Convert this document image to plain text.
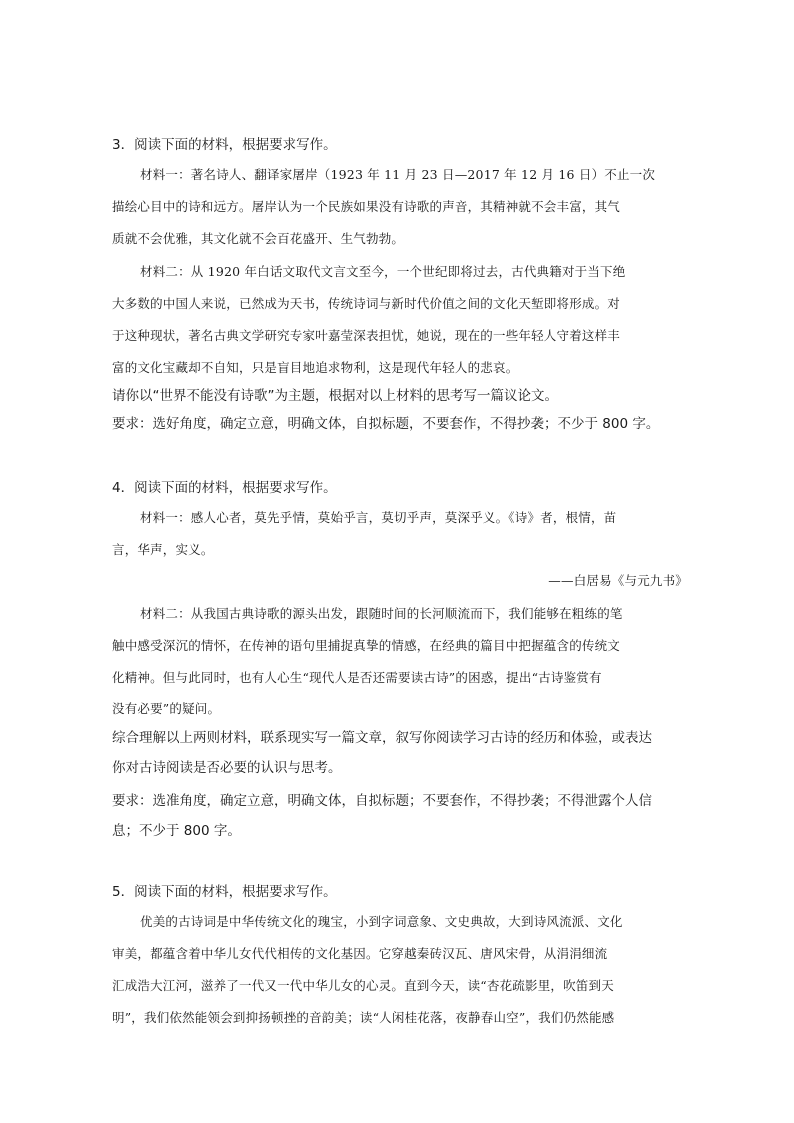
3．阅读下面的材料，根据要求写作。
材料一：著名诗人、翻译家屠岸（1923 年 11 月 23 日—2017 年 12 月 16 日）不止一次
描绘心目中的诗和远方。屠岸认为一个民族如果没有诗歌的声音，其精神就不会丰富，其气
质就不会优雅，其文化就不会百花盛开、生气勃勃。
材料二：从 1920 年白话文取代文言文至今，一个世纪即将过去，古代典籍对于当下绝
大多数的中国人来说，已然成为天书，传统诗词与新时代价值之间的文化天堑即将形成。对
于这种现状，著名古典文学研究专家叶嘉莹深表担忧，她说，现在的一些年轻人守着这样丰
富的文化宝藏却不自知，只是盲目地追求物利，这是现代年轻人的悲哀。
请你以“世界不能没有诗歌”为主题，根据对以上材料的思考写一篇议论文。
要求：选好角度，确定立意，明确文体，自拟标题，不要套作，不得抄袭；不少于 800 字。
4．阅读下面的材料，根据要求写作。
材料一：感人心者，莫先乎情，莫始乎言，莫切乎声，莫深乎义。《诗》者，根情，苗
言，华声，实义。
——白居易《与元九书》
材料二：从我国古典诗歌的源头出发，跟随时间的长河顺流而下，我们能够在粗练的笔
触中感受深沉的情怀，在传神的语句里捕捉真挚的情感，在经典的篇目中把握蕴含的传统文
化精神。但与此同时，也有人心生“现代人是否还需要读古诗”的困惑，提出“古诗鉴赏有
没有必要”的疑问。
综合理解以上两则材料，联系现实写一篇文章，叙写你阅读学习古诗的经历和体验，或表达
你对古诗阅读是否必要的认识与思考。
要求：选准角度，确定立意，明确文体，自拟标题；不要套作，不得抄袭；不得泄露个人信
息；不少于 800 字。
5．阅读下面的材料，根据要求写作。
优美的古诗词是中华传统文化的瑰宝，小到字词意象、文史典故，大到诗风流派、文化
审美，都蕴含着中华儿女代代相传的文化基因。它穿越秦砖汉瓦、唐风宋骨，从涓涓细流
汇成浩大江河，滋养了一代又一代中华儿女的心灵。直到今天，读“杏花疏影里，吹笛到天
明”，我们依然能领会到抑扬顿挫的音韵美；读“人闲桂花落，夜静春山空”，我们仍然能感
